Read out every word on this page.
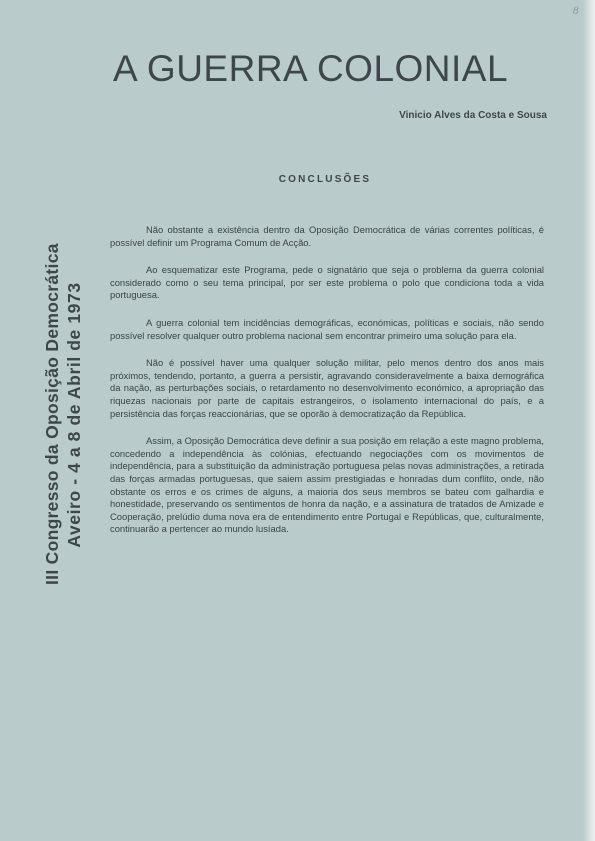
8
A GUERRA COLONIAL
Vinicio Alves da Costa e Sousa
CONCLUSÕES
III Congresso da Oposição Democrática Aveiro - 4 a 8 de Abril de 1973

Não obstante a existência dentro da Oposição Democrática de várias correntes políticas, é possível definir um Programa Comum de Acção.

Ao esquematizar este Programa, pede o signatário que seja o problema da guerra colonial considerado como o seu tema principal, por ser este problema o polo que condiciona toda a vida portuguesa.

A guerra colonial tem incidências demográficas, económicas, políticas e sociais, não sendo possível resolver qualquer outro problema nacional sem encontrar primeiro uma solução para ela.

Não é possível haver uma qualquer solução militar, pelo menos dentro dos anos mais próximos, tendendo, portanto, a guerra a persistir, agravando consideravelmente a baixa demográfica da nação, as perturbações sociais, o retardamento no desenvolvimento económico, a apropriação das riquezas nacionais por parte de capitais estrangeiros, o isolamento internacional do país, e a persistência das forças reaccionárias, que se oporão à democratização da República.

Assim, a Oposição Democrática deve definir a sua posição em relação a este magno problema, concedendo a independência às colónias, efectuando negociações com os movimentos de independência, para a substituição da administração portuguesa pelas novas administrações, a retirada das forças armadas portuguesas, que saiem assim prestigiadas e honradas dum conflito, onde, não obstante os erros e os crimes de alguns, a maioria dos seus membros se bateu com galhardia e honestidade, preservando os sentimentos de honra da nação, e a assinatura de tratados de Amizade e Cooperação, prelúdio duma nova era de entendimento entre Portugal e Repúblicas, que, culturalmente, continuarão a pertencer ao mundo lusíada.
